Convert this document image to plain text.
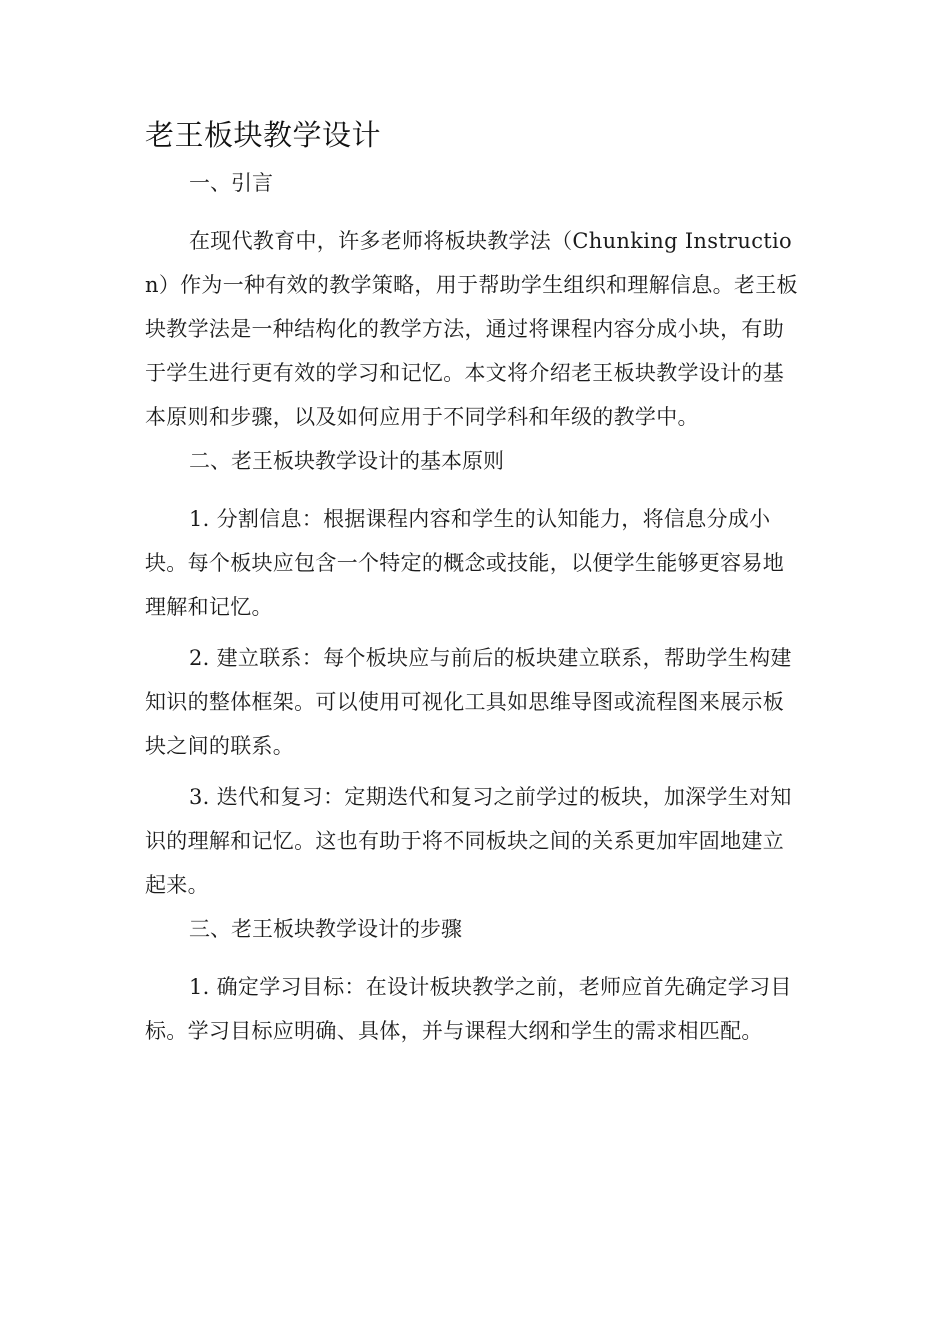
老王板块教学设计

一、引言

在现代教育中，许多老师将板块教学法（Chunking Instruction）作为一种有效的教学策略，用于帮助学生组织和理解信息。老王板块教学法是一种结构化的教学方法，通过将课程内容分成小块，有助于学生进行更有效的学习和记忆。本文将介绍老王板块教学设计的基本原则和步骤，以及如何应用于不同学科和年级的教学中。

二、老王板块教学设计的基本原则

1. 分割信息：根据课程内容和学生的认知能力，将信息分成小块。每个板块应包含一个特定的概念或技能，以便学生能够更容易地理解和记忆。

2. 建立联系：每个板块应与前后的板块建立联系，帮助学生构建知识的整体框架。可以使用可视化工具如思维导图或流程图来展示板块之间的联系。

3. 迭代和复习：定期迭代和复习之前学过的板块，加深学生对知识的理解和记忆。这也有助于将不同板块之间的关系更加牢固地建立起来。

三、老王板块教学设计的步骤

1. 确定学习目标：在设计板块教学之前，老师应首先确定学习目标。学习目标应明确、具体，并与课程大纲和学生的需求相匹配。
